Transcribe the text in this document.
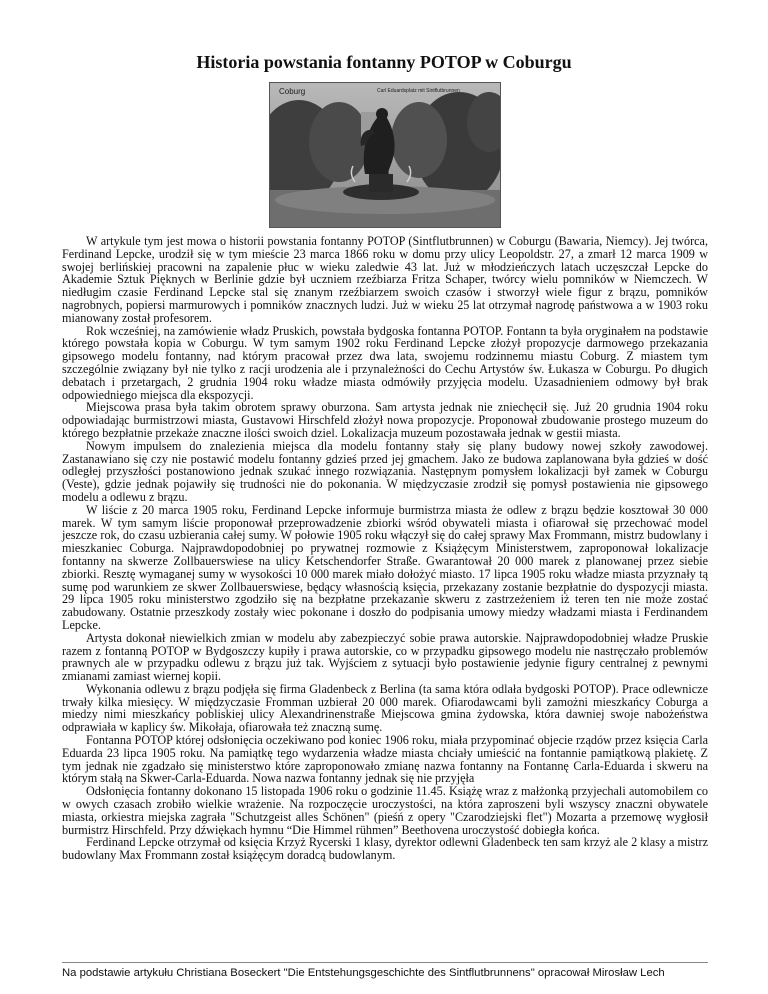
Historia powstania fontanny POTOP w Coburgu
Coburg	Carl Eduardsplatz mit Sintflutbrunnen

W artykule tym jest mowa o historii powstania fontanny POTOP (Sintflutbrunnen) w Coburgu (Bawaria, Niemcy). Jej twórca, Ferdinand Lepcke, urodził się w tym mieście 23 marca 1866 roku w domu przy ulicy Leopoldstr. 27, a zmarł 12 marca 1909 w swojej berlińskiej pracowni na zapalenie płuc w wieku zaledwie 43 lat. Już w młodzieńczych latach uczęszczał Lepcke do Akademie Sztuk Pięknych w Berlinie gdzie był uczniem rzeźbiarza Fritza Schaper, twórcy wielu pomników w Niemczech. W niedługim czasie Ferdinand Lepcke stal się znanym rzeźbiarzem swoich czasów i stworzył wiele figur z brązu, pomników nagrobnych, popiersi marmurowych i pomników znacznych ludzi. Już w wieku 25 lat otrzymał nagrodę państwowa a w 1903 roku mianowany został profesorem.

Rok wcześniej, na zamówienie władz Pruskich, powstała bydgoska fontanna POTOP. Fontann ta była oryginałem na podstawie którego powstała kopia w Coburgu. W tym samym 1902 roku Ferdinand Lepcke złożył propozycje darmowego przekazania gipsowego modelu fontanny, nad którym pracował przez dwa lata, swojemu rodzinnemu miastu Coburg. Z miastem tym szczególnie związany był nie tylko z racji urodzenia ale i przynależności do Cechu Artystów św. Łukasza w Coburgu. Po długich debatach i przetargach, 2 grudnia 1904 roku władze miasta odmówiły przyjęcia modelu. Uzasadnieniem odmowy był brak odpowiedniego miejsca dla ekspozycji.

Miejscowa prasa była takim obrotem sprawy oburzona. Sam artysta jednak nie zniechęcił się. Już 20 grudnia 1904 roku odpowiadając burmistrzowi miasta, Gustavowi Hirschfeld złożył nowa propozycje. Proponował zbudowanie prostego muzeum do którego bezpłatnie przekaże znaczne ilości swoich dziel. Lokalizacja muzeum pozostawała jednak w gestii miasta.

Nowym impulsem do znalezienia miejsca dla modelu fontanny stały się plany budowy nowej szkoły zawodowej. Zastanawiano się czy nie postawić modelu fontanny gdzieś przed jej gmachem. Jako ze budowa zaplanowana była gdzieś w dość odległej przyszłości postanowiono jednak szukać innego rozwiązania. Następnym pomysłem lokalizacji był zamek w Coburgu (Veste), gdzie jednak pojawiły się trudności nie do pokonania. W międzyczasie zrodził się pomysł postawienia nie gipsowego modelu a odlewu z brązu.

W liście z 20 marca 1905 roku, Ferdinand Lepcke informuje burmistrza miasta że odlew z brązu będzie kosztował 30 000 marek. W tym samym liście proponował przeprowadzenie zbiorki wśród obywateli miasta i ofiarował się przechować model jeszcze rok, do czasu uzbierania całej sumy. W połowie 1905 roku włączył się do całej sprawy Max Frommann, mistrz budowlany i mieszkaniec Coburga. Najprawdopodobniej po prywatnej rozmowie z Książęcym Ministerstwem, zaproponował lokalizacje fontanny na skwerze Zollbauerswiese na ulicy Ketschendorfer Straße. Gwarantował 20 000 marek z planowanej przez siebie zbiorki. Resztę wymaganej sumy w wysokości 10 000 marek miało dołożyć miasto. 17 lipca 1905 roku władze miasta przyznały tą sumę pod warunkiem ze skwer Zollbauerswiese, będący własnością księcia, przekazany zostanie bezpłatnie do dyspozycji miasta. 29 lipca 1905 roku ministerstwo zgodziło się na bezpłatne przekazanie skweru z zastrzeżeniem iż teren ten nie może zostać zabudowany. Ostatnie przeszkody zostały wiec pokonane i doszło do podpisania umowy miedzy władzami miasta i Ferdinandem Lepcke.

Artysta dokonał niewielkich zmian w modelu aby zabezpieczyć sobie prawa autorskie. Najprawdopodobniej władze Pruskie razem z fontanną POTOP w Bydgoszczy kupiły i prawa autorskie, co w przypadku gipsowego modelu nie nastręczało problemów prawnych ale w przypadku odlewu z brązu już tak. Wyjściem z sytuacji było postawienie jedynie figury centralnej z pewnymi zmianami zamiast wiernej kopii.

Wykonania odlewu z brązu podjęła się firma Gladenbeck z Berlina (ta sama która odlała bydgoski POTOP). Prace odlewnicze trwały kilka miesięcy. W międzyczasie Fromman uzbierał 20 000 marek. Ofiarodawcami byli zamożni mieszkańcy Coburga a miedzy nimi mieszkańcy pobliskiej ulicy Alexandrinenstraße Miejscowa gmina żydowska, która dawniej swoje nabożeństwa odprawiała w kaplicy św. Mikołaja, ofiarowała też znaczną sumę.

Fontanna POTOP której odsłonięcia oczekiwano pod koniec 1906 roku, miała przypominać objecie rządów przez księcia Carla Eduarda 23 lipca 1905 roku. Na pamiątkę tego wydarzenia władze miasta chciały umieścić na fontannie pamiątkową plakietę. Z tym jednak nie zgadzało się ministerstwo które zaproponowało zmianę nazwa fontanny na Fontannę Carla-Eduarda i skweru na którym stałą na Skwer-Carla-Eduarda. Nowa nazwa fontanny jednak się nie przyjęła

Odsłonięcia fontanny dokonano 15 listopada 1906 roku o godzinie 11.45. Książę wraz z małżonką przyjechali automobilem co w owych czasach zrobiło wielkie wrażenie. Na rozpoczęcie uroczystości, na która zaproszeni byli wszyscy znaczni obywatele miasta, orkiestra miejska zagrała "Schutzgeist alles Schönen" (pieśń z opery "Czarodziejski flet") Mozarta a przemowę wygłosił burmistrz Hirschfeld. Przy dźwiękach hymnu “Die Himmel rühmen” Beethovena uroczystość dobiegła końca.

Ferdinand Lepcke otrzymał od księcia Krzyż Rycerski 1 klasy, dyrektor odlewni Gladenbeck ten sam krzyż ale 2 klasy a mistrz budowlany Max Frommann został książęcym doradcą budowlanym.

Na podstawie artykułu Christiana Boseckert "Die Entstehungsgeschichte des Sintflutbrunnens" opracował Mirosław Lech
